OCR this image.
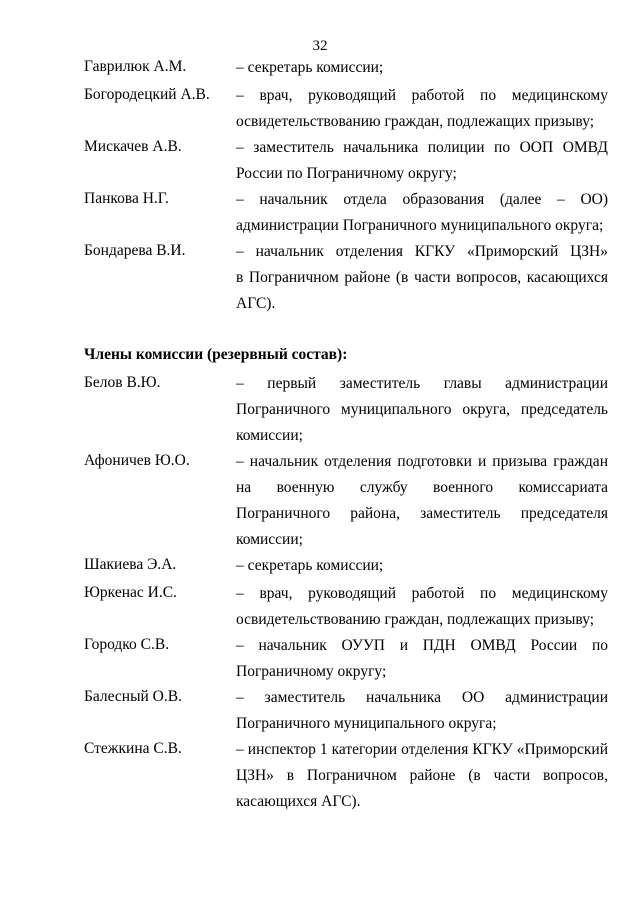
32
Гаврилюк А.М.	– секретарь комиссии;
Богородецкий А.В. – врач, руководящий работой по медицинскому
освидетельствованию граждан, подлежащих призыву;
Мискачев А.В.	– заместитель начальника полиции по ООП ОМВД
России по Пограничному округу;
Панкова Н.Г.	– начальник отдела образования (далее – ОО)
администрации Пограничного муниципального округа;
Бондарева В.И.	– начальник отделения КГКУ «Приморский ЦЗН»
в Пограничном районе (в части вопросов, касающихся
АГС).
Члены комиссии (резервный состав):
Белов В.Ю.	– первый заместитель главы администрации
Пограничного муниципального округа, председатель
комиссии;
Афоничев Ю.О.	– начальник отделения подготовки и призыва граждан
на военную службу военного комиссариата
Пограничного района, заместитель председателя
комиссии;
Шакиева Э.А.	– секретарь комиссии;
Юркенас И.С.	– врач, руководящий работой по медицинскому
освидетельствованию граждан, подлежащих призыву;
Городко С.В.	– начальник ОУУП и ПДН ОМВД России по
Пограничному округу;
Балесный О.В.	– заместитель начальника ОО администрации
Пограничного муниципального округа;
Стежкина С.В.	– инспектор 1 категории отделения КГКУ «Приморский
ЦЗН» в Пограничном районе (в части вопросов,
касающихся АГС).
